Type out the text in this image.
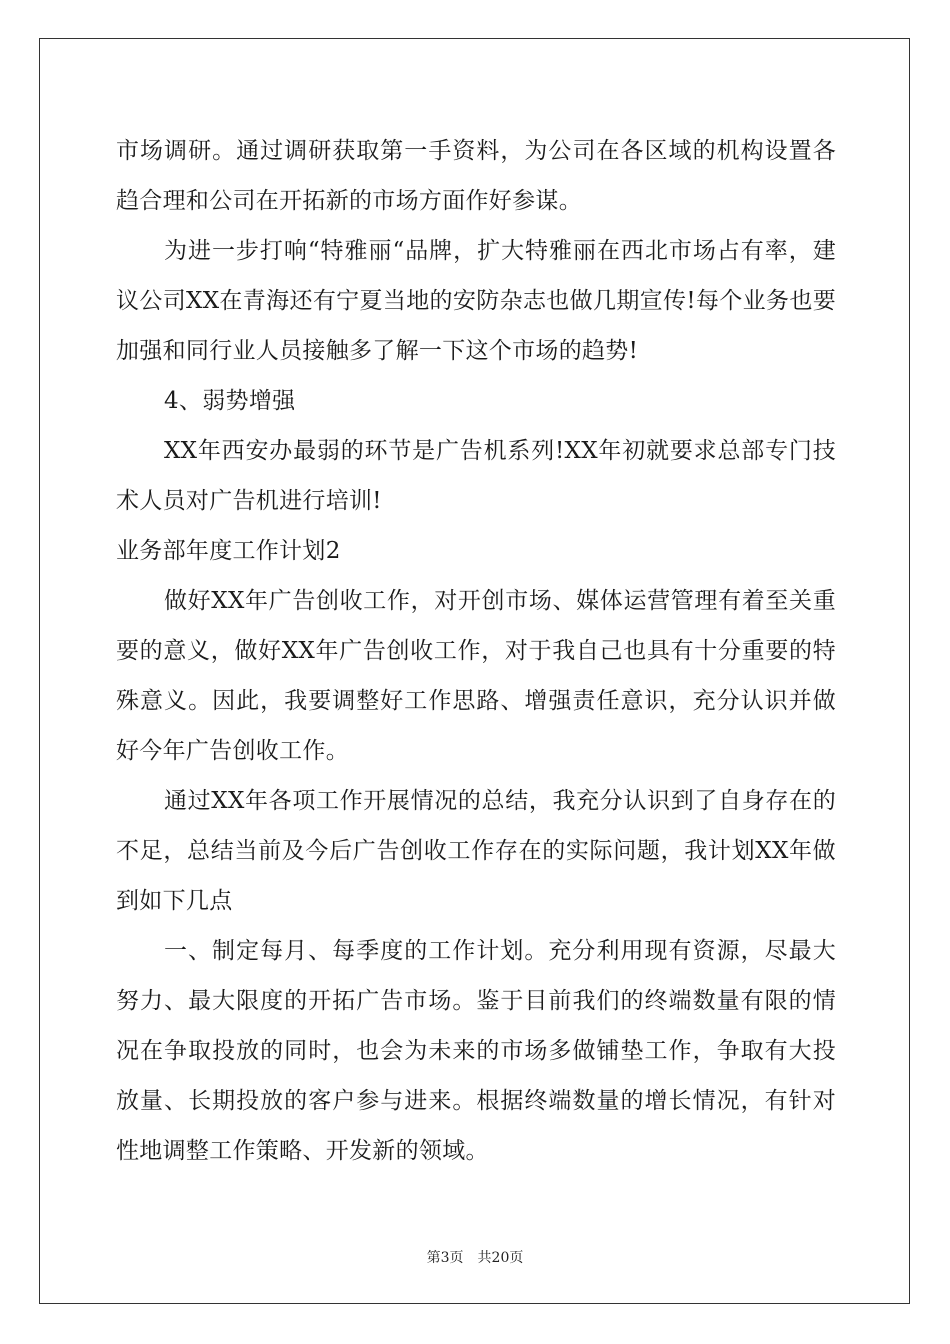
市场调研。通过调研获取第一手资料，为公司在各区域的机构设置各趋合理和公司在开拓新的市场方面作好参谋。

为进一步打响“特雅丽“品牌，扩大特雅丽在西北市场占有率，建议公司XX在青海还有宁夏当地的安防杂志也做几期宣传!每个业务也要加强和同行业人员接触多了解一下这个市场的趋势!

4、弱势增强

XX年西安办最弱的环节是广告机系列!XX年初就要求总部专门技术人员对广告机进行培训!

业务部年度工作计划2

做好XX年广告创收工作，对开创市场、媒体运营管理有着至关重要的意义，做好XX年广告创收工作，对于我自己也具有十分重要的特殊意义。因此，我要调整好工作思路、增强责任意识，充分认识并做好今年广告创收工作。

通过XX年各项工作开展情况的总结，我充分认识到了自身存在的不足，总结当前及今后广告创收工作存在的实际问题，我计划XX年做到如下几点

一、制定每月、每季度的工作计划。充分利用现有资源，尽最大努力、最大限度的开拓广告市场。鉴于目前我们的终端数量有限的情况在争取投放的同时，也会为未来的市场多做铺垫工作，争取有大投放量、长期投放的客户参与进来。根据终端数量的增长情况，有针对性地调整工作策略、开发新的领域。

第3页 共20页
